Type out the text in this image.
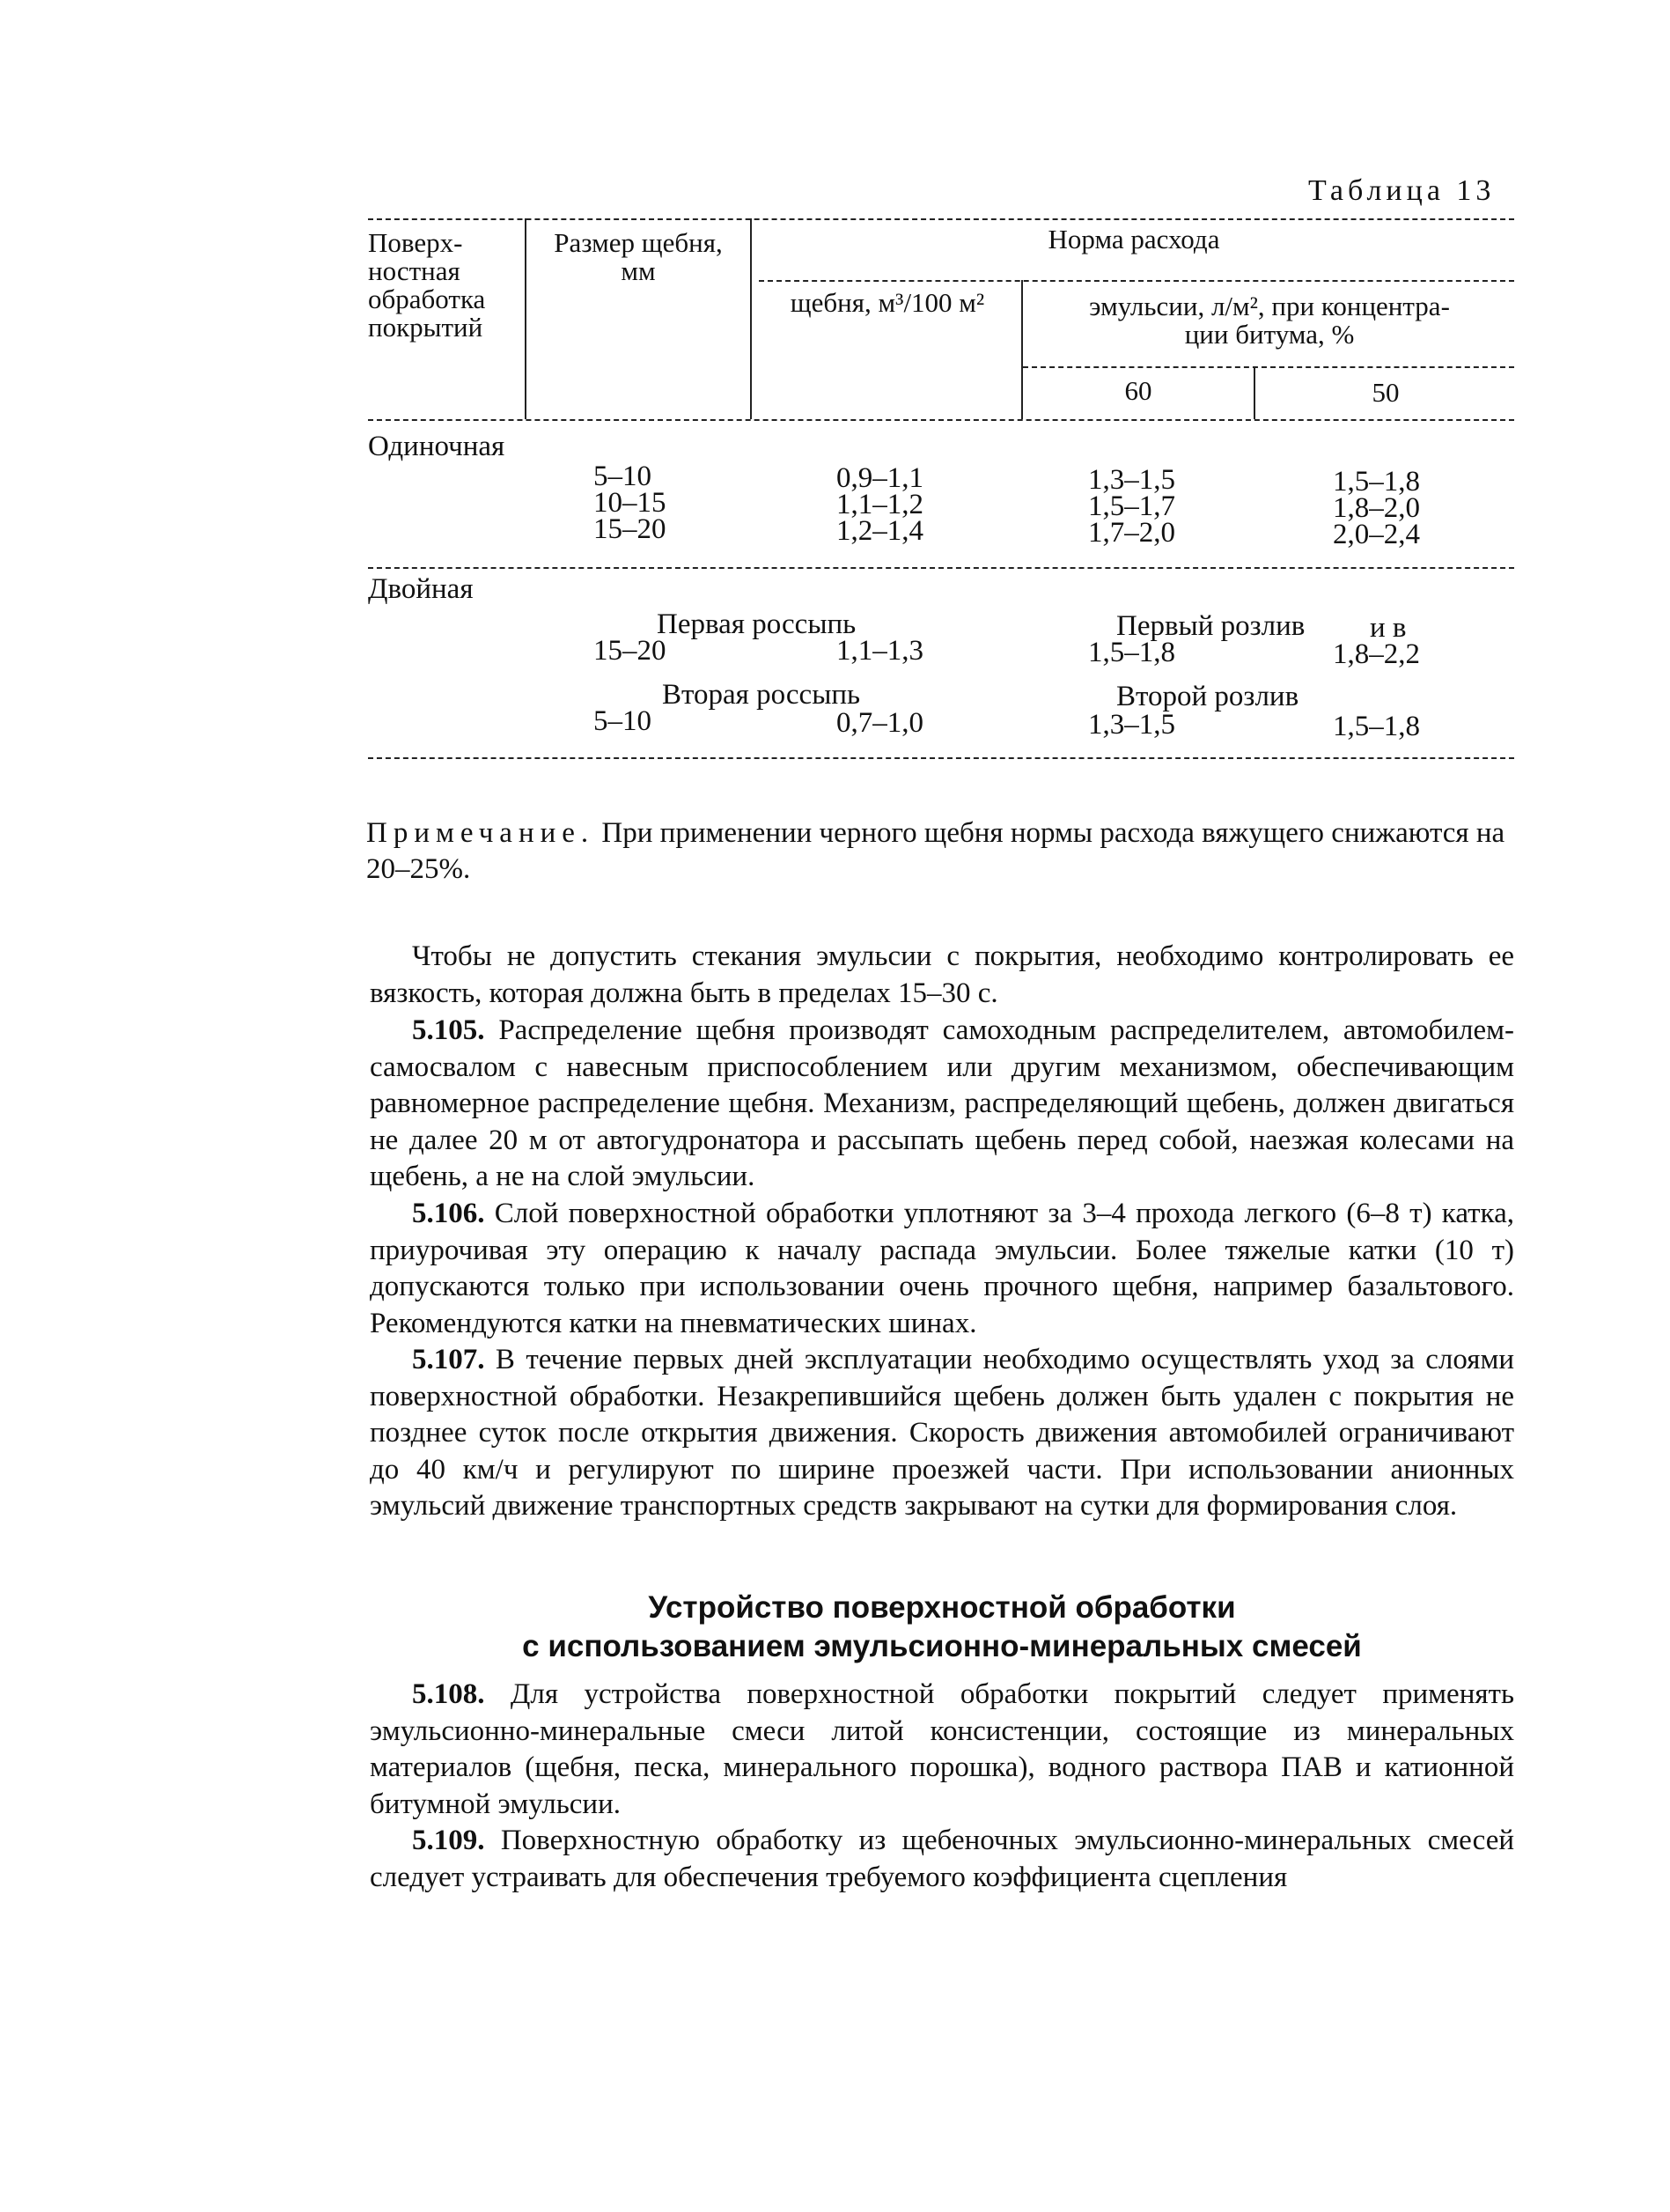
Таблица 13
Поверх-
ностная
обработка
покрытий
Размер щебня,
мм
Норма расхода
щебня, м³/100 м²	эмульсии, л/м², при концентра-
ции битума, %
60	50
Одиночная
5–10	0,9–1,1	1,3–1,5	1,5–1,8
10–15	1,1–1,2	1,5–1,7	1,8–2,0
15–20	1,2–1,4	1,7–2,0	2,0–2,4
Двойная
Первая россыпь	Первый розлив и в
15–20	1,1–1,3	1,5–1,8	1,8–2,2
Вторая россыпь	Второй розлив
5–10	0,7–1,0	1,3–1,5	1,5–1,8
Примечание. При применении черного щебня нормы расхода вяжущего снижаются на 20–25%.
Чтобы не допустить стекания эмульсии с покрытия, необходимо контролировать ее вязкость, которая должна быть в пределах 15–30 с.
5.105. Распределение щебня производят самоходным распределителем, автомобилем-самосвалом с навесным приспособлением или другим механизмом, обеспечивающим равномерное распределение щебня. Механизм, распределяющий щебень, должен двигаться не далее 20 м от автогудронатора и рассыпать щебень перед собой, наезжая колесами на щебень, а не на слой эмульсии.
5.106. Слой поверхностной обработки уплотняют за 3–4 прохода легкого (6–8 т) катка, приурочивая эту операцию к началу распада эмульсии. Более тяжелые катки (10 т) допускаются только при использовании очень прочного щебня, например базальтового. Рекомендуются катки на пневматических шинах.
5.107. В течение первых дней эксплуатации необходимо осуществлять уход за слоями поверхностной обработки. Незакрепившийся щебень должен быть удален с покрытия не позднее суток после открытия движения. Скорость движения автомобилей ограничивают до 40 км/ч и регулируют по ширине проезжей части. При использовании анионных эмульсий движение транспортных средств закрывают на сутки для формирования слоя.
Устройство поверхностной обработки
с использованием эмульсионно-минеральных смесей
5.108. Для устройства поверхностной обработки покрытий следует применять эмульсионно-минеральные смеси литой консистенции, состоящие из минеральных материалов (щебня, песка, минерального порошка), водного раствора ПАВ и катионной битумной эмульсии.
5.109. Поверхностную обработку из щебеночных эмульсионно-минеральных смесей следует устраивать для обеспечения требуемого коэффициента сцепления
